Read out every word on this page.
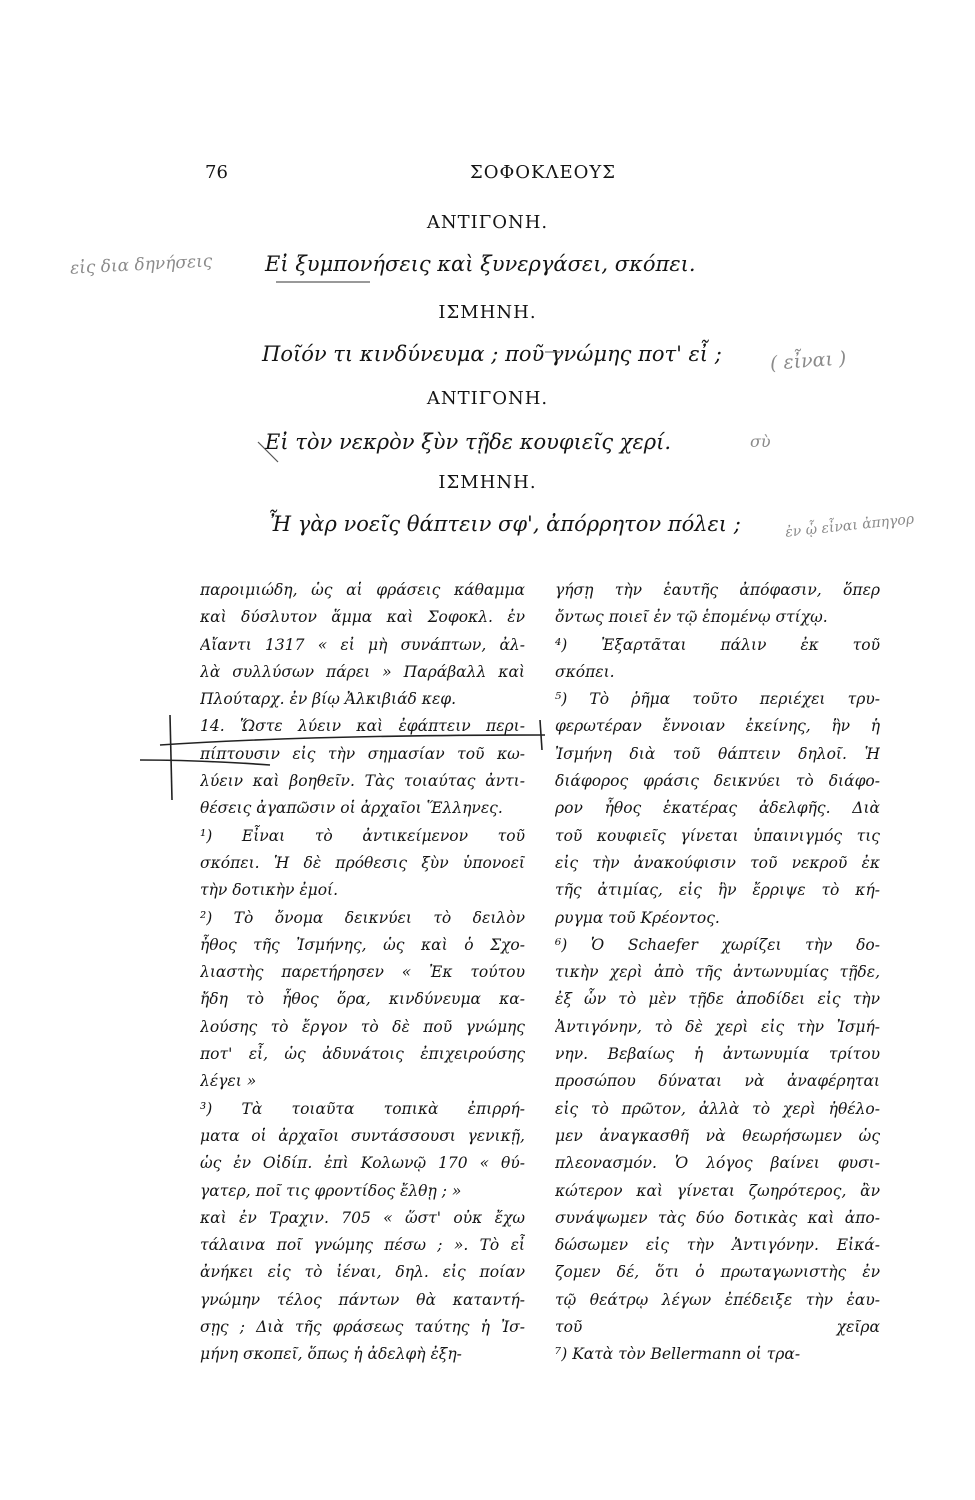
76	ΣΟΦΟΚΛΕΟΥΣ
ΑΝΤΙΓΟΝΗ.
Εἰ ξυμπονήσεις καὶ ξυνεργάσει, σκόπει.
ΙΣΜΗΝΗ.
Ποῖόν τι κινδύνευμα ; ποῦ γνώμης ποτ' εἶ ;
ΑΝΤΙΓΟΝΗ.
Εἰ τὸν νεκρὸν ξὺν τῇδε κουφιεῖς χερί.
ΙΣΜΗΝΗ.
Ἦ γὰρ νοεῖς θάπτειν σφ', ἀπόρρητον πόλει ;
εἰς δια δηνήσεις
( εἶναι )
σὺ
ἐν ᾧ εἶναι ἀπηγορ
παροιμιώδη, ὡς αἱ φράσεις κάθαμμα
καὶ δύσλυτον ἅμμα καὶ Σοφοκλ. ἐν
Αἴαντι 1317 « εἰ μὴ συνάπτων, ἀλ-
λὰ συλλύσων πάρει » Παράβαλλ καὶ
Πλούταρχ. ἐν βίῳ Ἀλκιβιάδ κεφ.
14. Ὥστε λύειν καὶ ἐφάπτειν περι-
πίπτουσιν εἰς τὴν σημασίαν τοῦ κω-
λύειν καὶ βοηθεῖν. Τὰς τοιαύτας ἀντι-
θέσεις ἀγαπῶσιν οἱ ἀρχαῖοι Ἕλληνες.
¹) Εἶναι τὸ ἀντικείμενον τοῦ
σκόπει. Ἡ δὲ πρόθεσις ξὺν ὑπονοεῖ
τὴν δοτικὴν ἐμοί.
²) Τὸ ὄνομα δεικνύει τὸ δειλὸν
ἦθος τῆς Ἰσμήνης, ὡς καὶ ὁ Σχο-
λιαστὴς παρετήρησεν « Ἐκ τούτου
ἤδη τὸ ἦθος ὅρα, κινδύνευμα κα-
λούσης τὸ ἔργον τὸ δὲ ποῦ γνώμης
ποτ' εἶ, ὡς ἀδυνάτοις ἐπιχειρούσης
λέγει »
³) Τὰ τοιαῦτα τοπικὰ ἐπιρρή-
ματα οἱ ἀρχαῖοι συντάσσουσι γενικῇ,
ὡς ἐν Οἰδίπ. ἐπὶ Κολωνῷ 170 « θύ-
γατερ, ποῖ τις φροντίδος ἔλθῃ ; »
καὶ ἐν Τραχιν. 705 « ὥστ' οὐκ ἔχω
τάλαινα ποῖ γνώμης πέσω ; ». Τὸ εἶ
ἀνήκει εἰς τὸ ἰέναι, δηλ. εἰς ποίαν
γνώμην τέλος πάντων θὰ καταντή-
σῃς ; Διὰ τῆς φράσεως ταύτης ἡ Ἰσ-
μήνη σκοπεῖ, ὅπως ἡ ἀδελφὴ ἐξη-
γήσῃ τὴν ἑαυτῆς ἀπόφασιν, ὅπερ
ὄντως ποιεῖ ἐν τῷ ἑπομένῳ στίχῳ.
⁴) Ἐξαρτᾶται πάλιν ἐκ τοῦ
σκόπει.
⁵) Τὸ ῥῆμα τοῦτο περιέχει τρυ-
φερωτέραν ἔννοιαν ἐκείνης, ἣν ἡ
Ἰσμήνη διὰ τοῦ θάπτειν δηλοῖ. Ἡ
διάφορος φράσις δεικνύει τὸ διάφο-
ρον ἦθος ἑκατέρας ἀδελφῆς. Διὰ
τοῦ κουφιεῖς γίνεται ὑπαινιγμός τις
εἰς τὴν ἀνακούφισιν τοῦ νεκροῦ ἐκ
τῆς ἀτιμίας, εἰς ἣν ἔρριψε τὸ κή-
ρυγμα τοῦ Κρέοντος.
⁶) Ὁ Schaefer χωρίζει τὴν δο-
τικὴν χερὶ ἀπὸ τῆς ἀντωνυμίας τῇδε,
ἐξ ὧν τὸ μὲν τῇδε ἀποδίδει εἰς τὴν
Ἀντιγόνην, τὸ δὲ χερὶ εἰς τὴν Ἰσμή-
νην. Βεβαίως ἡ ἀντωνυμία τρίτου
προσώπου δύναται νὰ ἀναφέρηται
εἰς τὸ πρῶτον, ἀλλὰ τὸ χερὶ ἠθέλο-
μεν ἀναγκασθῆ νὰ θεωρήσωμεν ὡς
πλεονασμόν. Ὁ λόγος βαίνει φυσι-
κώτερον καὶ γίνεται ζωηρότερος, ἂν
συνάψωμεν τὰς δύο δοτικὰς καὶ ἀπο-
δώσωμεν εἰς τὴν Ἀντιγόνην. Εἰκά-
ζομεν δέ, ὅτι ὁ πρωταγωνιστὴς ἐν
τῷ θεάτρῳ λέγων ἐπέδειξε τὴν ἑαυ-
τοῦ χεῖρα
⁷) Κατὰ τὸν Bellermann οἱ τρα-
